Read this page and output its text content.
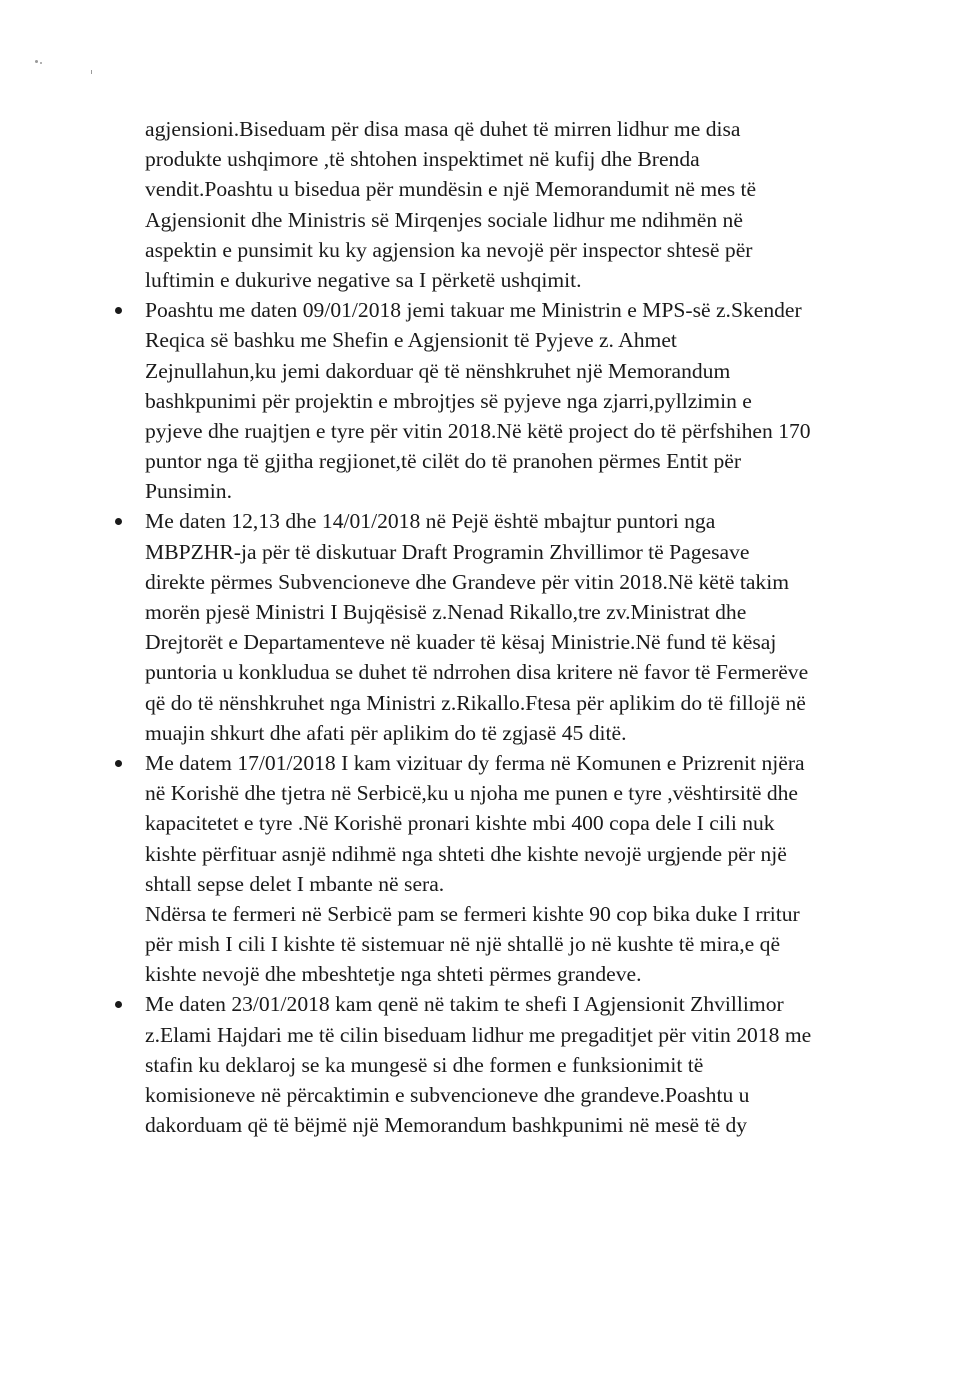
agjensioni.Biseduam për disa masa që duhet të mirren lidhur me disa
produkte ushqimore ,të shtohen inspektimet në kufij dhe Brenda
vendit.Poashtu u bisedua për mundësin e një Memorandumit në mes të
Agjensionit dhe Ministris së Mirqenjes sociale lidhur me ndihmën në
aspektin e punsimit ku ky agjension ka nevojë për inspector shtesë për
luftimin e dukurive negative sa I përketë ushqimit.
Poashtu me daten 09/01/2018 jemi takuar me Ministrin e MPS-së z.Skender
Reqica së bashku me Shefin e Agjensionit të Pyjeve z. Ahmet
Zejnullahun,ku jemi dakorduar që të nënshkruhet një Memorandum
bashkpunimi për projektin e mbrojtjes së pyjeve nga zjarri,pyllzimin e
pyjeve dhe ruajtjen e tyre për vitin 2018.Në këtë project do të përfshihen 170
puntor nga të gjitha regjionet,të cilët do të pranohen përmes Entit për
Punsimin.
Me daten 12,13 dhe 14/01/2018 në Pejë është mbajtur puntori nga
MBPZHR-ja për të diskutuar Draft Programin Zhvillimor të Pagesave
direkte përmes Subvencioneve dhe Grandeve për vitin 2018.Në këtë takim
morën pjesë Ministri I Bujqësisë z.Nenad Rikallo,tre zv.Ministrat dhe
Drejtorët e Departamenteve në kuader të kësaj Ministrie.Në fund të kësaj
puntoria u konkluduа se duhet të ndrrohen disa kritere në favor të Fermerëve
që do të nënshkruhet nga Ministri z.Rikallo.Ftesa për aplikim do të fillojë në
muajin shkurt dhe afati për aplikim do të zgjasë 45 ditë.
Me datem 17/01/2018 I kam vizituar dy ferma në Komunen e Prizrenit njëra
në Korishë dhe tjetra në Serbicë,ku u njoha me punen e tyre ,vështirsitë dhe
kapacitetet e tyre .Në Korishë pronari kishte mbi 400 copa dele I cili nuk
kishte përfituar asnjë ndihmë nga shteti dhe kishte nevojë urgjende për një
shtall sepse delet I mbante në sera.
Ndërsa te fermeri në Serbicë pam se fermeri kishte 90 cop bika duke I rritur
për mish I cili I kishte të sistemuar në një shtallë jo në kushte të mira,e që
kishte nevojë dhe mbeshtetje nga shteti përmes grandeve.
Me daten 23/01/2018 kam qenë në takim te shefi I Agjensionit Zhvillimor
z.Elami Hajdari me të cilin biseduam lidhur me pregaditjet për vitin 2018 me
stafin ku deklaroj se ka mungesë si dhe formen e funksionimit të
komisioneve në përcaktimin e subvencioneve dhe grandeve.Poashtu u
dakorduam që të bëjmë një Memorandum bashkpunimi në mesë të dy
